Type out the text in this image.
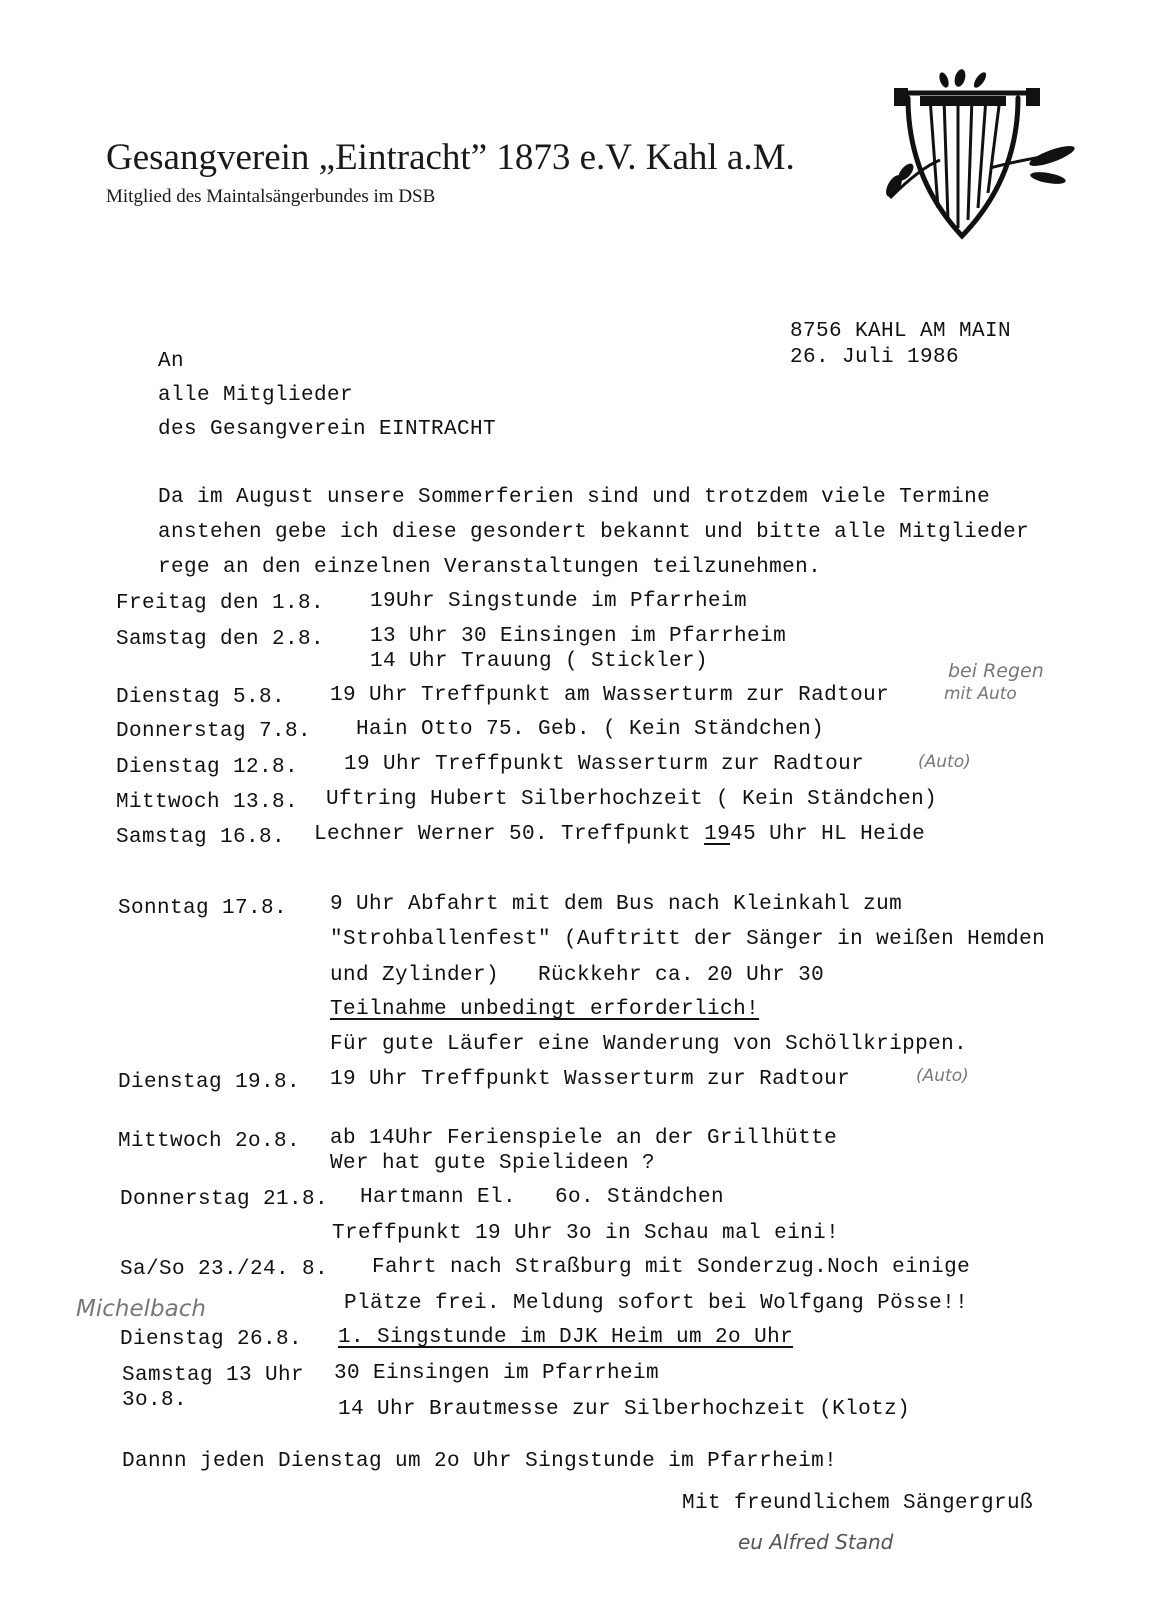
Gesangverein „Eintracht” 1873 e.V. Kahl a.M.
Mitglied des Maintalsängerbundes im DSB
8756 KAHL AM MAIN
26. Juli 1986
An
alle Mitglieder
des Gesangverein EINTRACHT
Da im August unsere Sommerferien sind und trotzdem viele Termine
anstehen gebe ich diese gesondert bekannt und bitte alle Mitglieder
rege an den einzelnen Veranstaltungen teilzunehmen.
Freitag den 1.8. 19Uhr Singstunde im Pfarrheim
Samstag den 2.8. 13 Uhr 30 Einsingen im Pfarrheim
14 Uhr Trauung ( Stickler)
Dienstag 5.8. 19 Uhr Treffpunkt am Wasserturm zur Radtour
bei Regen
mit Auto
Donnerstag 7.8. Hain Otto 75. Geb. ( Kein Ständchen)
Dienstag 12.8. 19 Uhr Treffpunkt Wasserturm zur Radtour	(Auto)
Mittwoch 13.8. Uftring Hubert Silberhochzeit ( Kein Ständchen)
Samstag 16.8. Lechner Werner 50. Treffpunkt 1945 Uhr HL Heide
Sonntag 17.8. 9 Uhr Abfahrt mit dem Bus nach Kleinkahl zum
"Strohballenfest" (Auftritt der Sänger in weißen Hemden
und Zylinder)   Rückkehr ca. 20 Uhr 30
Teilnahme unbedingt erforderlich!
Für gute Läufer eine Wanderung von Schöllkrippen.
Dienstag 19.8. 19 Uhr Treffpunkt Wasserturm zur Radtour	(Auto)
Mittwoch 2o.8. ab 14Uhr Ferienspiele an der Grillhütte
Wer hat gute Spielideen ?
Donnerstag 21.8. Hartmann El.   6o. Ständchen
Treffpunkt 19 Uhr 3o in Schau mal eini!
Sa/So 23./24. 8. Fahrt nach Straßburg mit Sonderzug.Noch einige
Plätze frei. Meldung sofort bei Wolfgang Pösse!!
Michelbach
Dienstag 26.8. 1. Singstunde im DJK Heim um 2o Uhr
Samstag 13 Uhr
3o.8.
30 Einsingen im Pfarrheim
14 Uhr Brautmesse zur Silberhochzeit (Klotz)
Dannn jeden Dienstag um 2o Uhr Singstunde im Pfarrheim!
Mit freundlichem Sängergruß
eu Alfred Stand
